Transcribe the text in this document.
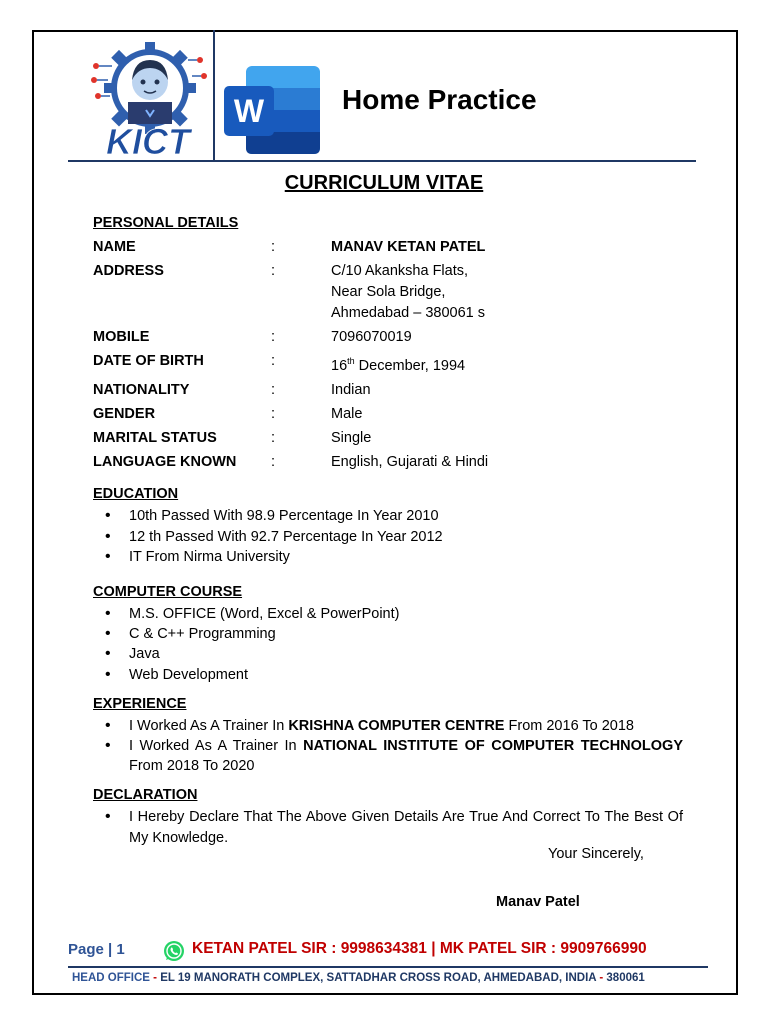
KICT
W	Home Practice
CURRICULUM VITAE
PERSONAL DETAILS
NAME	:	MANAV KETAN PATEL
ADDRESS	:	C/10 Akanksha Flats,
Near Sola Bridge,
Ahmedabad – 380061 s
MOBILE	:	7096070019
DATE OF BIRTH	:	16th December, 1994
NATIONALITY	:	Indian
GENDER	:	Male
MARITAL STATUS	:	Single
LANGUAGE KNOWN	:	English, Gujarati & Hindi
EDUCATION
• 10th Passed With 98.9 Percentage In Year 2010
• 12 th Passed With 92.7 Percentage In Year 2012
• IT From Nirma University
COMPUTER COURSE
• M.S. OFFICE (Word, Excel & PowerPoint)
• C & C++ Programming
• Java
• Web Development
EXPERIENCE
• I Worked As A Trainer In KRISHNA COMPUTER CENTRE From 2016 To 2018
• I Worked As A Trainer In NATIONAL INSTITUTE OF COMPUTER TECHNOLOGY From 2018 To 2020
DECLARATION
• I Hereby Declare That The Above Given Details Are True And Correct To The Best Of My Knowledge.
Your Sincerely,
Manav Patel
Page | 1	KETAN PATEL SIR : 9998634381 | MK PATEL SIR : 9909766990
HEAD OFFICE - EL 19 MANORATH COMPLEX, SATTADHAR CROSS ROAD, AHMEDABAD, INDIA - 380061
